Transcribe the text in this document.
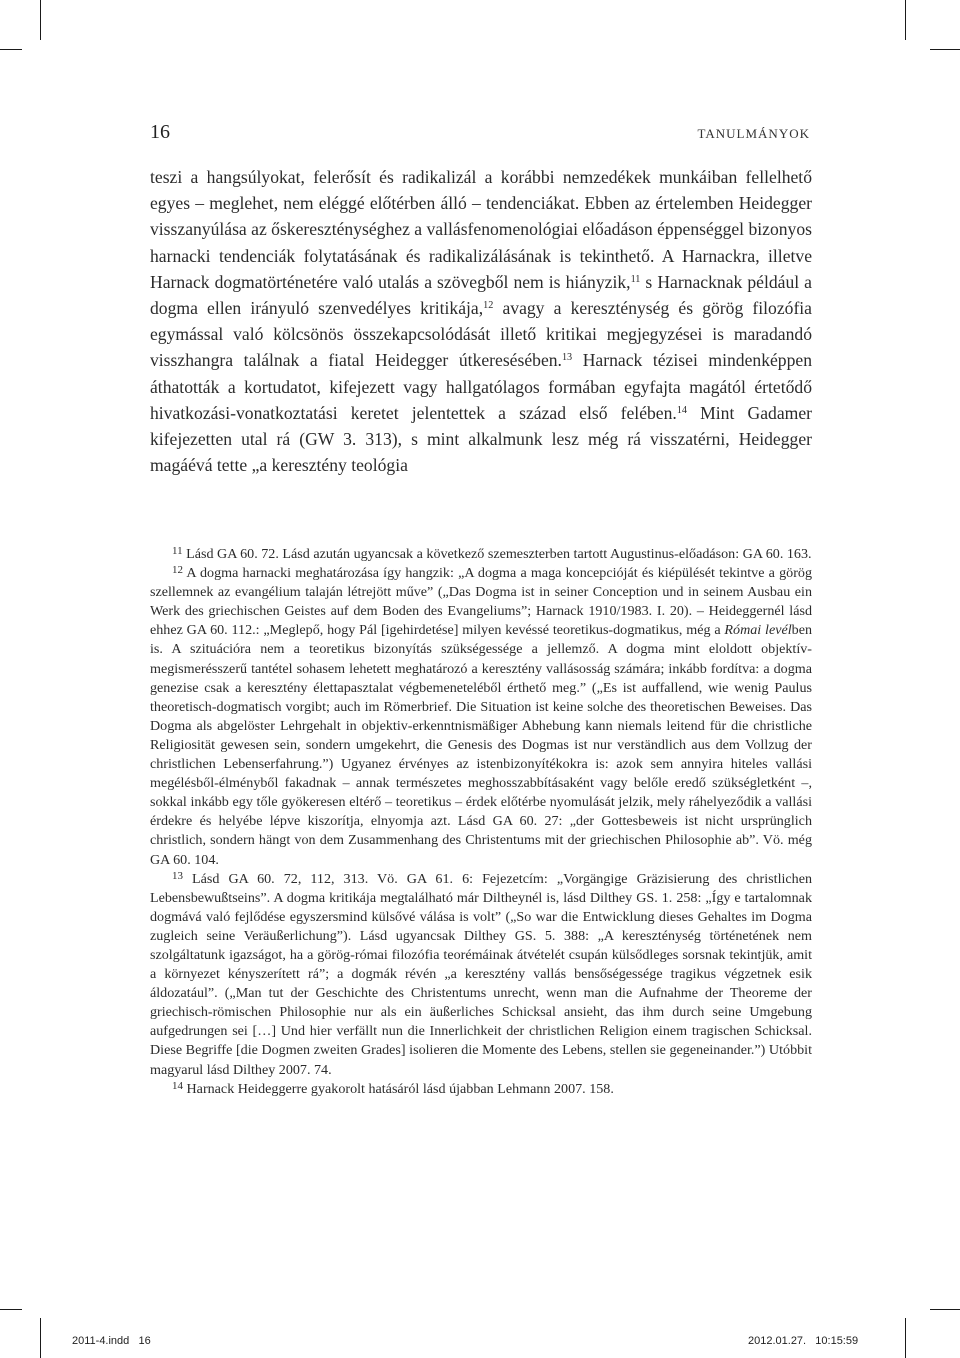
16	TANULMÁNYOK

teszi a hangsúlyokat, felerősít és radikalizál a korábbi nemzedékek munkáiban fellelhető egyes – meglehet, nem eléggé előtérben álló – tendenciákat. Ebben az értelemben Heidegger visszanyúlása az őskereszténységhez a vallásfenomenológiai előadáson éppenséggel bizonyos harnacki tendenciák folytatásának és radikalizálásának is tekinthető. A Harnackra, illetve Harnack dogmatörténetére való utalás a szövegből nem is hiányzik,$^{11}$ s Harnacknak például a dogma ellen irányuló szenvedélyes kritikája,$^{12}$ avagy a kereszténység és görög filozófia egymással való kölcsönös összekapcsolódását illető kritikai megjegyzései is maradandó visszhangra találnak a fiatal Heidegger útkeresésében.$^{13}$ Harnack tézisei mindenképpen áthatották a kortudatot, kifejezett vagy hallgatólagos formában egyfajta magától értetődő hivatkozási-vonatkoztatási keretet jelentettek a század első felében.$^{14}$ Mint Gadamer kifejezetten utal rá (GW 3. 313), s mint alkalmunk lesz még rá visszatérni, Heidegger magáévá tette „a keresztény teológia

$^{11}$ Lásd GA 60. 72. Lásd azután ugyancsak a következő szemeszterben tartott Augustinus-előadáson: GA 60. 163.

$^{12}$ A dogma harnacki meghatározása így hangzik: „A dogma a maga koncepcióját és kiépülését tekintve a görög szellemnek az evangélium talaján létrejött műve” („Das Dogma ist in seiner Conception und in seinem Ausbau ein Werk des griechischen Geistes auf dem Boden des Evangeliums”; Harnack 1910/1983. I. 20). – Heideggernél lásd ehhez GA 60. 112.: „Meglepő, hogy Pál [igehirdetése] milyen kevéssé teoretikus-dogmatikus, még a Római levélben is. A szituációra nem a teoretikus bizonyítás szükségessége a jellemző. A dogma mint eloldott objektív-megismerésszerű tantétel sohasem lehetett meghatározó a keresztény vallásosság számára; inkább fordítva: a dogma genezise csak a keresztény élettapasztalat végbemeneteléből érthető meg.” („Es ist auffallend, wie wenig Paulus theoretisch-dogmatisch vorgibt; auch im Römerbrief. Die Situation ist keine solche des theoretischen Beweises. Das Dogma als abgelöster Lehrgehalt in objektiv-erkenntnismäßiger Abhebung kann niemals leitend für die christliche Religiosität gewesen sein, sondern umgekehrt, die Genesis des Dogmas ist nur verständlich aus dem Vollzug der christlichen Lebenserfahrung.”) Ugyanez érvényes az istenbizonyítékokra is: azok sem annyira hiteles vallási megélésből-élményből fakadnak – annak természetes meghosszabbításaként vagy belőle eredő szükségletként –, sokkal inkább egy tőle gyökeresen eltérő – teoretikus – érdek előtérbe nyomulását jelzik, mely ráhelyeződik a vallási érdekre és helyébe lépve kiszorítja, elnyomja azt. Lásd GA 60. 27: „der Gottesbeweis ist nicht ursprünglich christlich, sondern hängt von dem Zusammenhang des Christentums mit der griechischen Philosophie ab”. Vö. még GA 60. 104.

$^{13}$ Lásd GA 60. 72, 112, 313. Vö. GA 61. 6: Fejezetcím: „Vorgängige Gräzisierung des christlichen Lebensbewußtseins”. A dogma kritikája megtalálható már Diltheynél is, lásd Dilthey GS. 1. 258: „Így e tartalomnak dogmává való fejlődése egyszersmind külsővé válása is volt” („So war die Entwicklung dieses Gehaltes im Dogma zugleich seine Veräußerlichung”). Lásd ugyancsak Dilthey GS. 5. 388: „A kereszténység történetének nem szolgáltatunk igazságot, ha a görög-római filozófia teorémáinak átvételét csupán külsődleges sorsnak tekintjük, amit a környezet kényszerített rá”; a dogmák révén „a keresztény vallás bensőségessége tragikus végzetnek esik áldozatául”. („Man tut der Geschichte des Christentums unrecht, wenn man die Aufnahme der Theoreme der griechisch-römischen Philosophie nur als ein äußerliches Schicksal ansieht, das ihm durch seine Umgebung aufgedrungen sei […] Und hier verfällt nun die Innerlichkeit der christlichen Religion einem tragischen Schicksal. Diese Begriffe [die Dogmen zweiten Grades] isolieren die Momente des Lebens, stellen sie gegeneinander.”) Utóbbit magyarul lásd Dilthey 2007. 74.

$^{14}$ Harnack Heideggerre gyakorolt hatásáról lásd újabban Lehmann 2007. 158.

2011-4.indd   16	2012.01.27.   10:15:59
